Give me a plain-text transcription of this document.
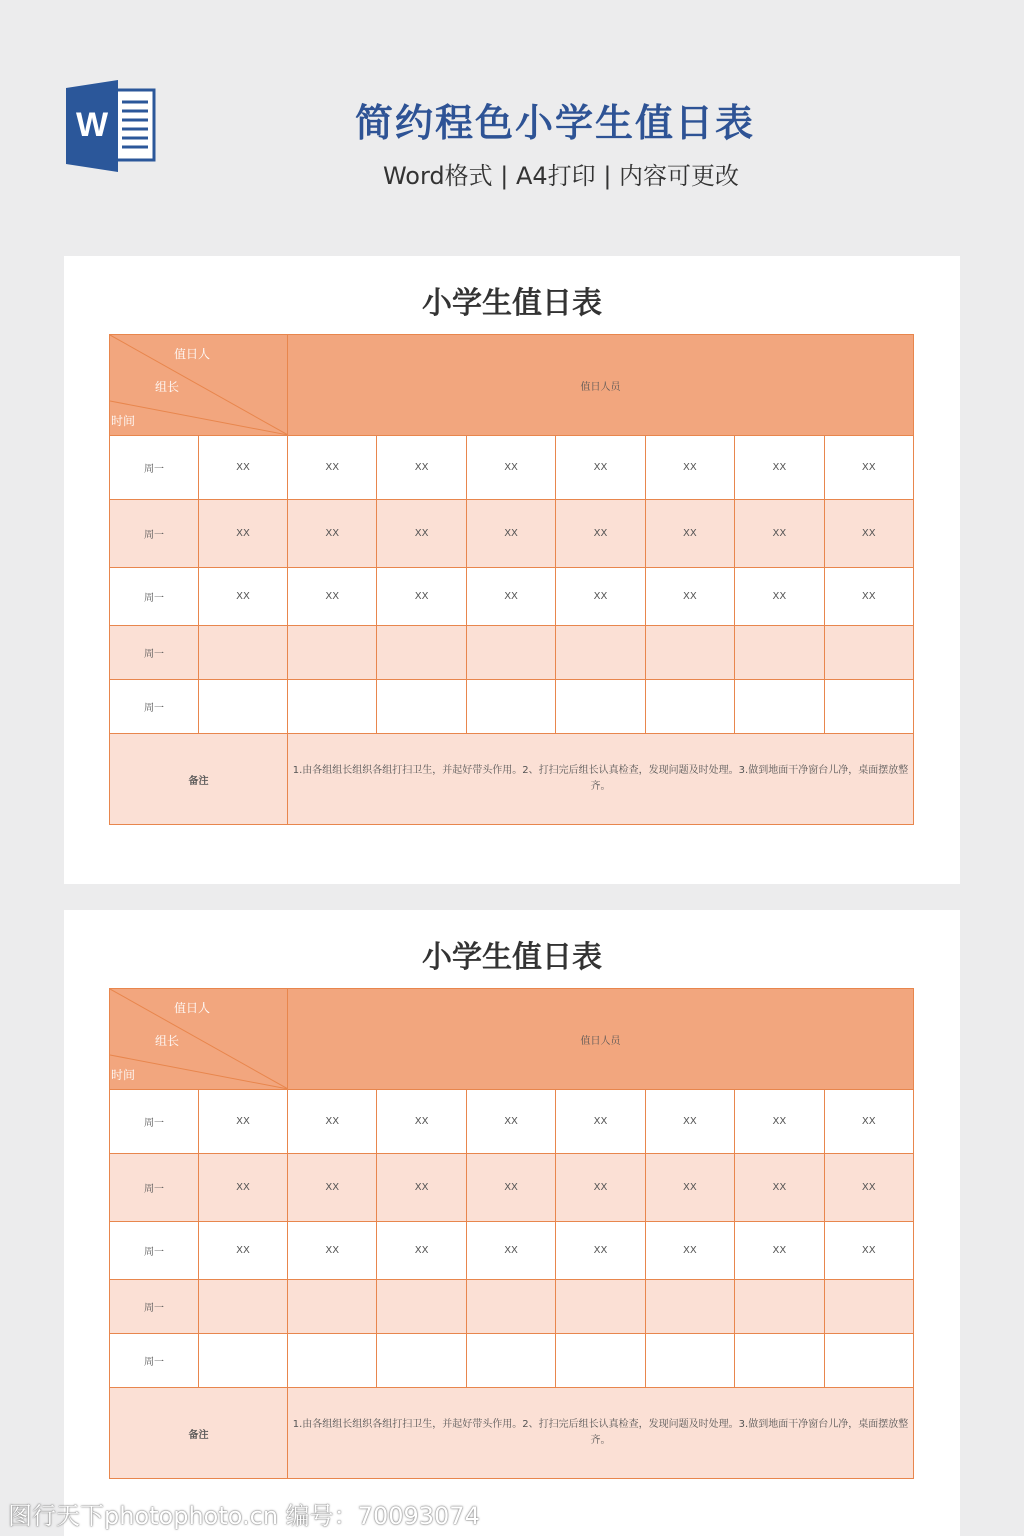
W	简约程色小学生值日表
Word格式 | A4打印 | 内容可更改
小学生值日表
值日人
组长
时间		值日人员						
周一	XX	XX	XX	XX	XX	XX	XX	XX
周一	XX	XX	XX	XX	XX	XX	XX	XX
周一	XX	XX	XX	XX	XX	XX	XX	XX
周一								
周一								
备注		1.由各组组长组织各组打扫卫生，并起好带头作用。2、打扫完后组长认真检查，发现问题及时处理。3.做到地面干净窗台儿净，桌面摆放整齐。						
小学生值日表
值日人
组长
时间		值日人员						
周一	XX	XX	XX	XX	XX	XX	XX	XX
周一	XX	XX	XX	XX	XX	XX	XX	XX
周一	XX	XX	XX	XX	XX	XX	XX	XX
周一								
周一								
备注		1.由各组组长组织各组打扫卫生，并起好带头作用。2、打扫完后组长认真检查，发现问题及时处理。3.做到地面干净窗台儿净，桌面摆放整齐。						
图行天下photophoto.cn 编号：70093074
